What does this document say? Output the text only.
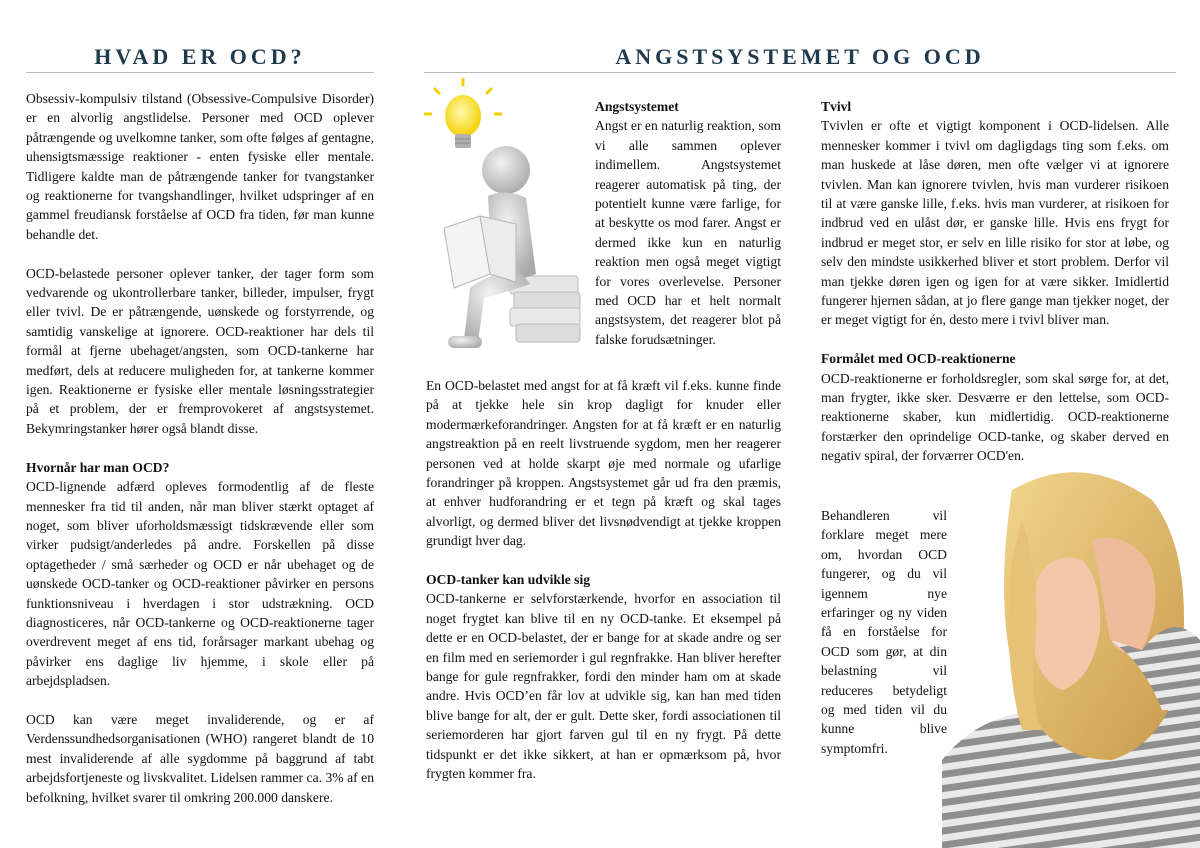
HVAD ER OCD?

Obsessiv-kompulsiv tilstand (Obsessive-Compulsive Disorder) er en alvorlig angstlidelse. Personer med OCD oplever påtrængende og uvelkomne tanker, som ofte følges af gentagne, uhensigtsmæssige reaktioner - enten fysiske eller mentale. Tidligere kaldte man de påtrængende tanker for tvangstanker og reaktionerne for tvangshandlinger, hvilket udspringer af en gammel freudiansk forståelse af OCD fra tiden, før man kunne behandle det.

OCD-belastede personer oplever tanker, der tager form som vedvarende og ukontrollerbare tanker, billeder, impulser, frygt eller tvivl. De er påtrængende, uønskede og forstyrrende, og samtidig vanskelige at ignorere. OCD-reaktioner har dels til formål at fjerne ubehaget/angsten, som OCD-tankerne har medført, dels at reducere muligheden for, at tankerne kommer igen. Reaktionerne er fysiske eller mentale løsningsstrategier på et problem, der er fremprovokeret af angstsystemet. Bekymringstanker hører også blandt disse.

Hvornår har man OCD?

OCD-lignende adfærd opleves formodentlig af de fleste mennesker fra tid til anden, når man bliver stærkt optaget af noget, som bliver uforholdsmæssigt tidskrævende eller som virker pudsigt/anderledes på andre. Forskellen på disse optagetheder / små særheder og OCD er når ubehaget og de uønskede OCD-tanker og OCD-reaktioner påvirker en persons funktionsniveau i hverdagen i stor udstrækning. OCD diagnosticeres, når OCD-tankerne og OCD-reaktionerne tager overdrevent meget af ens tid, forårsager markant ubehag og påvirker ens daglige liv hjemme, i skole eller på arbejdspladsen.

OCD kan være meget invaliderende, og er af Verdenssundhedsorganisationen (WHO) rangeret blandt de 10 mest invaliderende af alle sygdomme på baggrund af tabt arbejdsfortjeneste og livskvalitet. Lidelsen rammer ca. 3% af en befolkning, hvilket svarer til omkring 200.000 danskere.

ANGSTSYSTEMET OG OCD
Angstsystemet

Angst er en naturlig reaktion, som vi alle sammen oplever indimellem. Angstsystemet reagerer automatisk på ting, der potentielt kunne være farlige, for at beskytte os mod farer. Angst er dermed ikke kun en naturlig reaktion men også meget vigtigt for vores overlevelse. Personer med OCD har et helt normalt angstsystem, det reagerer blot på falske forudsætninger.

En OCD-belastet med angst for at få kræft vil f.eks. kunne finde på at tjekke hele sin krop dagligt for knuder eller modermærkeforandringer. Angsten for at få kræft er en naturlig angstreaktion på en reelt livstruende sygdom, men her reagerer personen ved at holde skarpt øje med normale og ufarlige forandringer på kroppen. Angstsystemet går ud fra den præmis, at enhver hudforandring er et tegn på kræft og skal tages alvorligt, og dermed bliver det livsnødvendigt at tjekke kroppen grundigt hver dag.

OCD-tanker kan udvikle sig

OCD-tankerne er selvforstærkende, hvorfor en association til noget frygtet kan blive til en ny OCD-tanke. Et eksempel på dette er en OCD-belastet, der er bange for at skade andre og ser en film med en seriemorder i gul regnfrakke. Han bliver herefter bange for gule regnfrakker, fordi den minder ham om at skade andre. Hvis OCD’en får lov at udvikle sig, kan han med tiden blive bange for alt, der er gult. Dette sker, fordi associationen til seriemorderen har gjort farven gul til en ny frygt. På dette tidspunkt er det ikke sikkert, at han er opmærksom på, hvor frygten kommer fra.

Tvivl

Tvivlen er ofte et vigtigt komponent i OCD-lidelsen. Alle mennesker kommer i tvivl om dagligdags ting som f.eks. om man huskede at låse døren, men ofte vælger vi at ignorere tvivlen. Man kan ignorere tvivlen, hvis man vurderer risikoen til at være ganske lille, f.eks. hvis man vurderer, at risikoen for indbrud ved en ulåst dør, er ganske lille. Hvis ens frygt for indbrud er meget stor, er selv en lille risiko for stor at løbe, og selv den mindste usikkerhed bliver et stort problem. Derfor vil man tjekke døren igen og igen for at være sikker. Imidlertid fungerer hjernen sådan, at jo flere gange man tjekker noget, der er meget vigtigt for én, desto mere i tvivl bliver man.

Formålet med OCD-reaktionerne

OCD-reaktionerne er forholdsregler, som skal sørge for, at det, man frygter, ikke sker. Desværre er den lettelse, som OCD-reaktionerne skaber, kun midlertidig. OCD-reaktionerne forstærker den oprindelige OCD-tanke, og skaber derved en negativ spiral, der forværrer OCD'en.

Behandleren vil forklare meget mere om, hvordan OCD fungerer, og du vil igennem nye erfaringer og ny viden få en forståelse for OCD som gør, at din belastning vil reduceres betydeligt og med tiden vil du kunne blive symptomfri.
